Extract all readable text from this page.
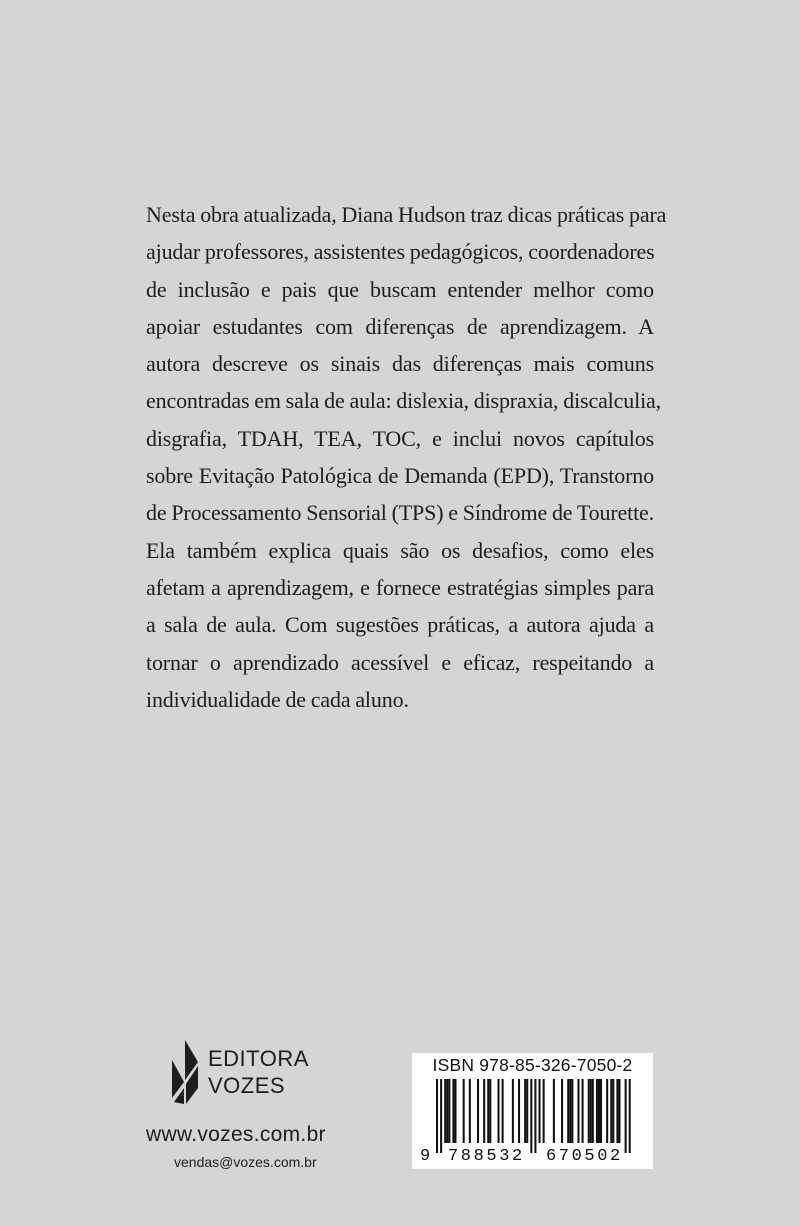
Nesta obra atualizada, Diana Hudson traz dicas práticas para
ajudar professores, assistentes pedagógicos, coordenadores
de inclusão e pais que buscam entender melhor como
apoiar estudantes com diferenças de aprendizagem. A
autora descreve os sinais das diferenças mais comuns
encontradas em sala de aula: dislexia, dispraxia, discalculia,
disgrafia, TDAH, TEA, TOC, e inclui novos capítulos
sobre Evitação Patológica de Demanda (EPD), Transtorno
de Processamento Sensorial (TPS) e Síndrome de Tourette.
Ela também explica quais são os desafios, como eles
afetam a aprendizagem, e fornece estratégias simples para
a sala de aula. Com sugestões práticas, a autora ajuda a
tornar o aprendizado acessível e eficaz, respeitando a
individualidade de cada aluno.
EDITORA
VOZES
www.vozes.com.br
vendas@vozes.com.br
ISBN 978-85-326-7050-2
9 788532 670502
